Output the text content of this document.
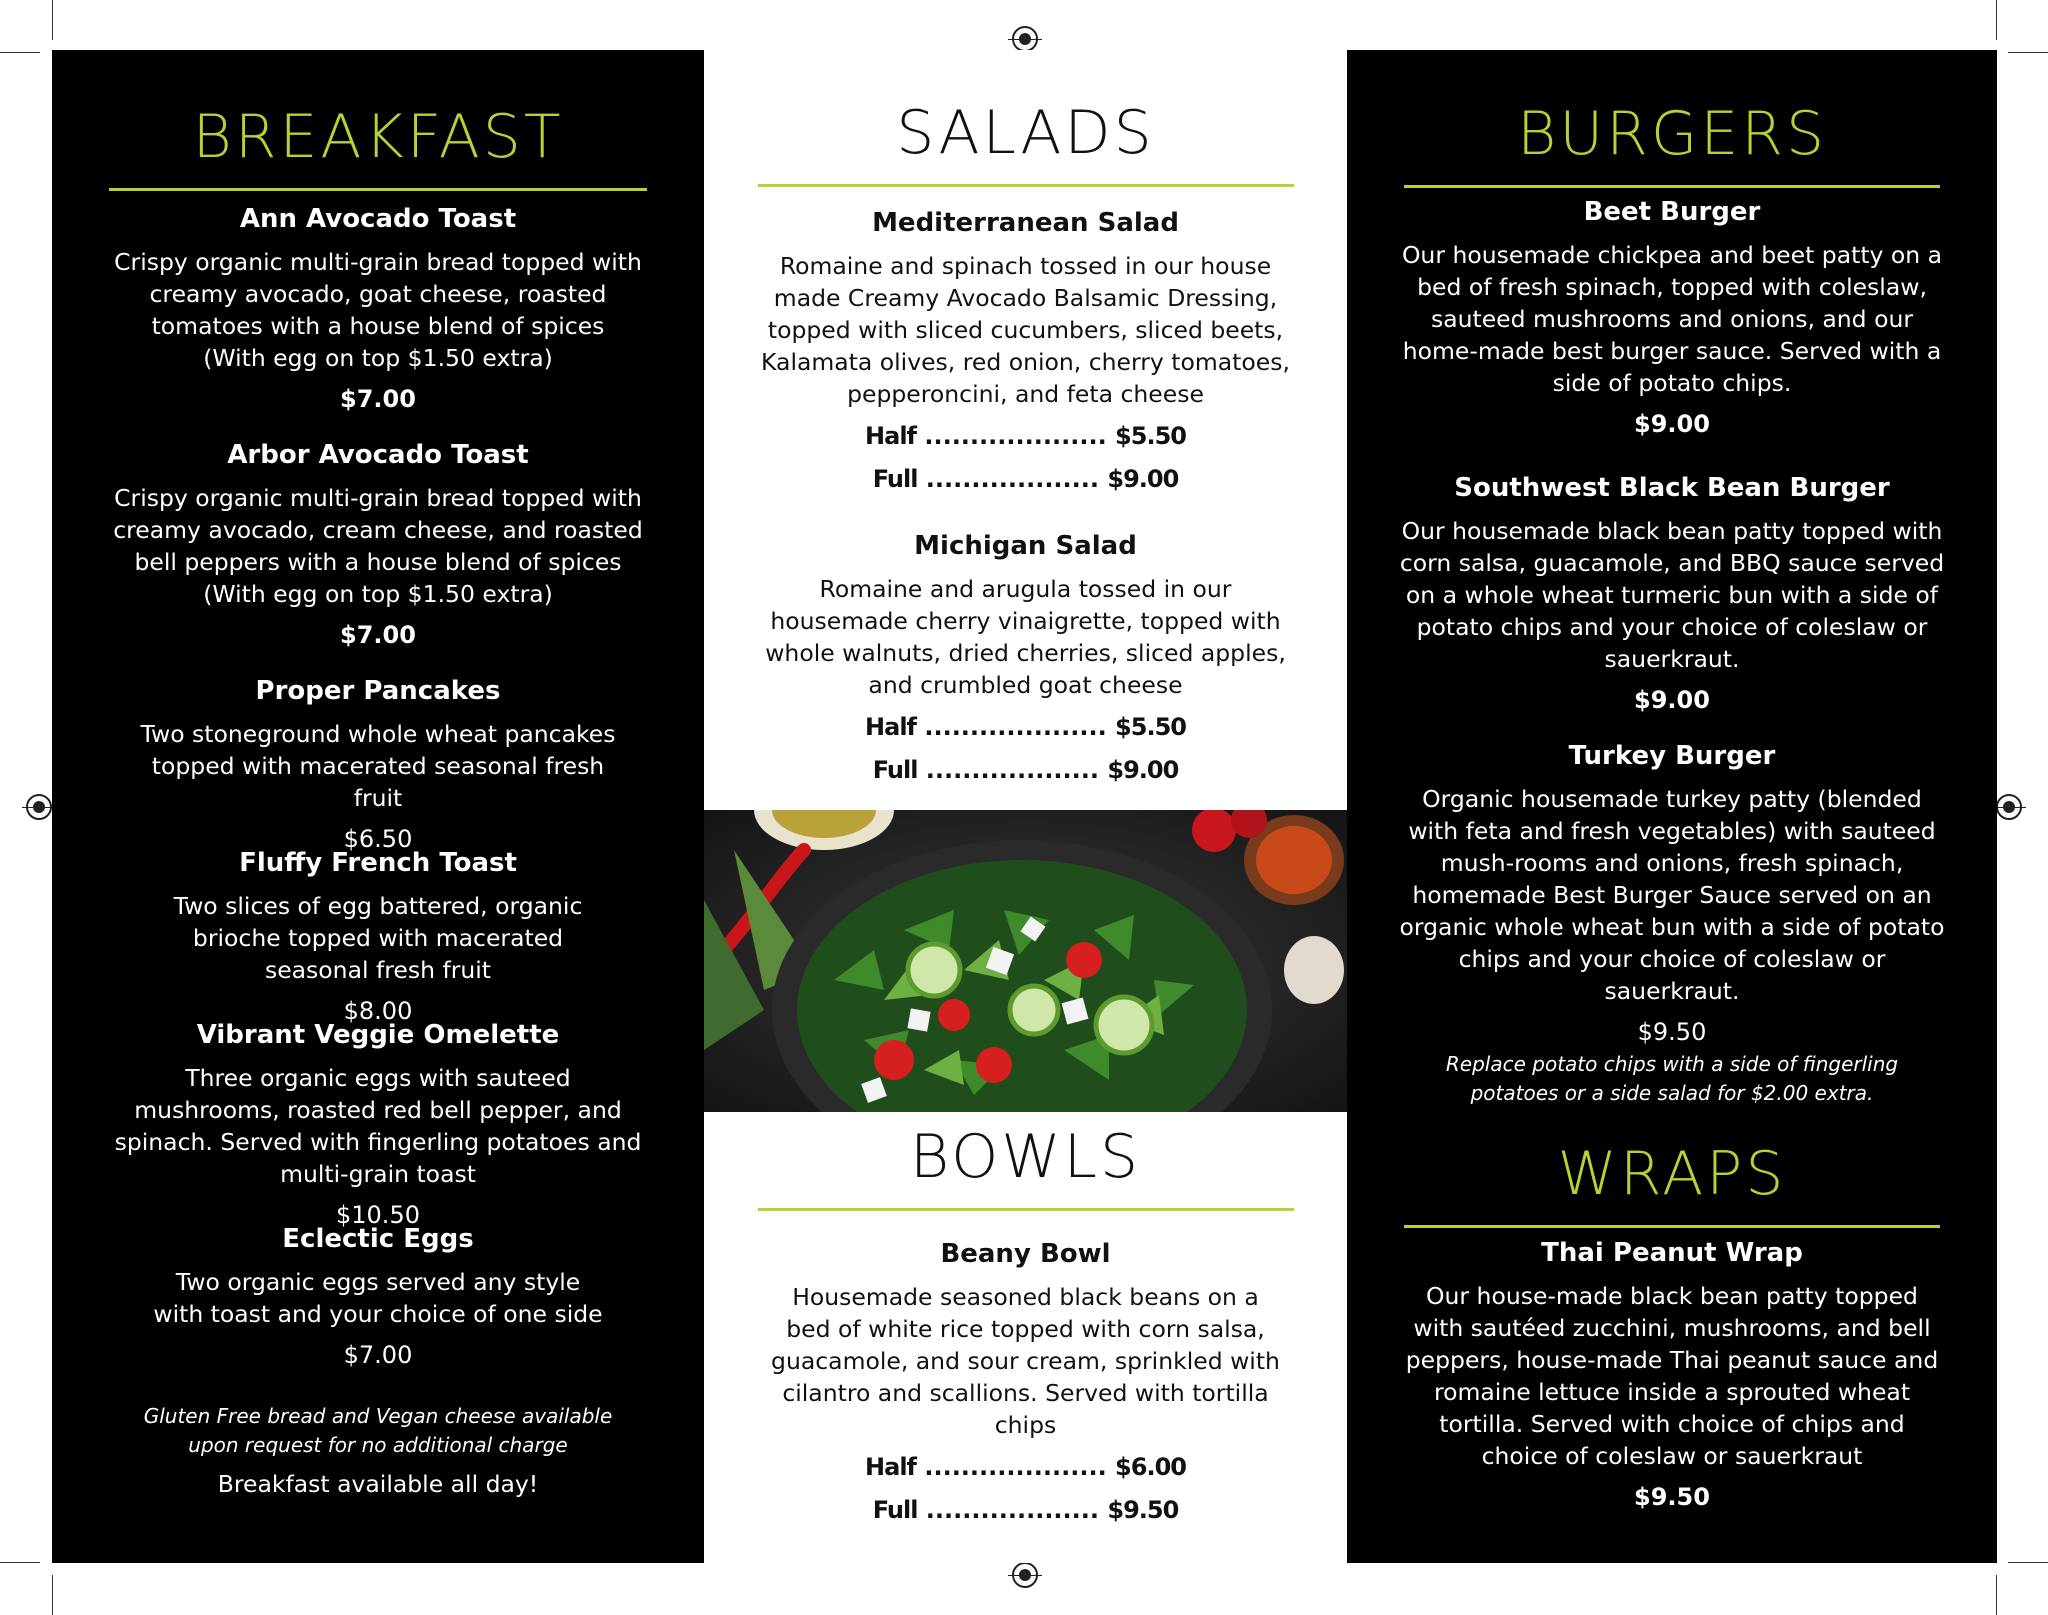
BREAKFAST
Ann Avocado Toast
Crispy organic multi-grain bread topped with creamy avocado, goat cheese, roasted tomatoes with a house blend of spices
(With egg on top $1.50 extra)
$7.00
Arbor Avocado Toast
Crispy organic multi-grain bread topped with creamy avocado, cream cheese, and roasted bell peppers with a house blend of spices
(With egg on top $1.50 extra)
$7.00
Proper Pancakes
Two stoneground whole wheat pancakes topped with macerated seasonal fresh fruit
$6.50
Fluffy French Toast
Two slices of egg battered, organic brioche topped with macerated seasonal fresh fruit
$8.00
Vibrant Veggie Omelette
Three organic eggs with sauteed mushrooms, roasted red bell pepper, and spinach. Served with fingerling potatoes and multi-grain toast
$10.50
Eclectic Eggs
Two organic eggs served any style with toast and your choice of one side
$7.00
Gluten Free bread and Vegan cheese available upon request for no additional charge
Breakfast available all day!
SALADS
Mediterranean Salad
Romaine and spinach tossed in our house made Creamy Avocado Balsamic Dressing, topped with sliced cucumbers, sliced beets, Kalamata olives, red onion, cherry tomatoes, pepperoncini, and feta cheese
Half .................... $5.50
Full ................... $9.00
Michigan Salad
Romaine and arugula tossed in our housemade cherry vinaigrette, topped with whole walnuts, dried cherries, sliced apples, and crumbled goat cheese
Half .................... $5.50
Full ................... $9.00
BOWLS
Beany Bowl
Housemade seasoned black beans on a bed of white rice topped with corn salsa, guacamole, and sour cream, sprinkled with cilantro and scallions. Served with tortilla chips
Half .................... $6.00
Full ................... $9.50
BURGERS
Beet Burger
Our housemade chickpea and beet patty on a bed of fresh spinach, topped with coleslaw, sauteed mushrooms and onions, and our home-made best burger sauce. Served with a side of potato chips.
$9.00
Southwest Black Bean Burger
Our housemade black bean patty topped with corn salsa, guacamole, and BBQ sauce served on a whole wheat turmeric bun with a side of potato chips and your choice of coleslaw or sauerkraut.
$9.00
Turkey Burger
Organic housemade turkey patty (blended with feta and fresh vegetables) with sauteed mush-rooms and onions, fresh spinach, homemade Best Burger Sauce served on an organic whole wheat bun with a side of potato chips and your choice of coleslaw or sauerkraut.
$9.50
Replace potato chips with a side of fingerling potatoes or a side salad for $2.00 extra.
WRAPS
Thai Peanut Wrap
Our house-made black bean patty topped with sautéed zucchini, mushrooms, and bell peppers, house-made Thai peanut sauce and romaine lettuce inside a sprouted wheat tortilla. Served with choice of chips and choice of coleslaw or sauerkraut
$9.50
